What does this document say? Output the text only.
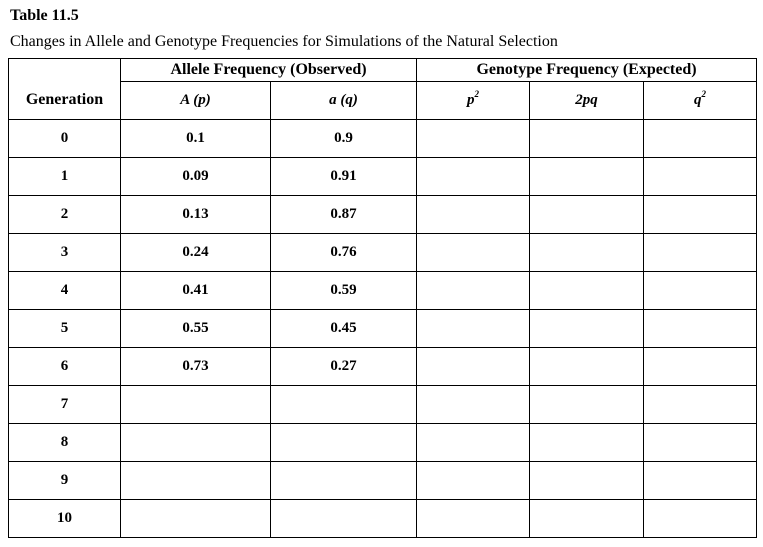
Table 11.5
Changes in Allele and Genotype Frequencies for Simulations of the Natural Selection
	Allele Frequency (Observed)		Genotype Frequency (Expected)		
Generation	A (p)	a (q)	$p^2$	2pq	$q^2$
0	0.1	0.9			
1	0.09	0.91			
2	0.13	0.87			
3	0.24	0.76			
4	0.41	0.59			
5	0.55	0.45			
6	0.73	0.27			
7					
8					
9					
10					
